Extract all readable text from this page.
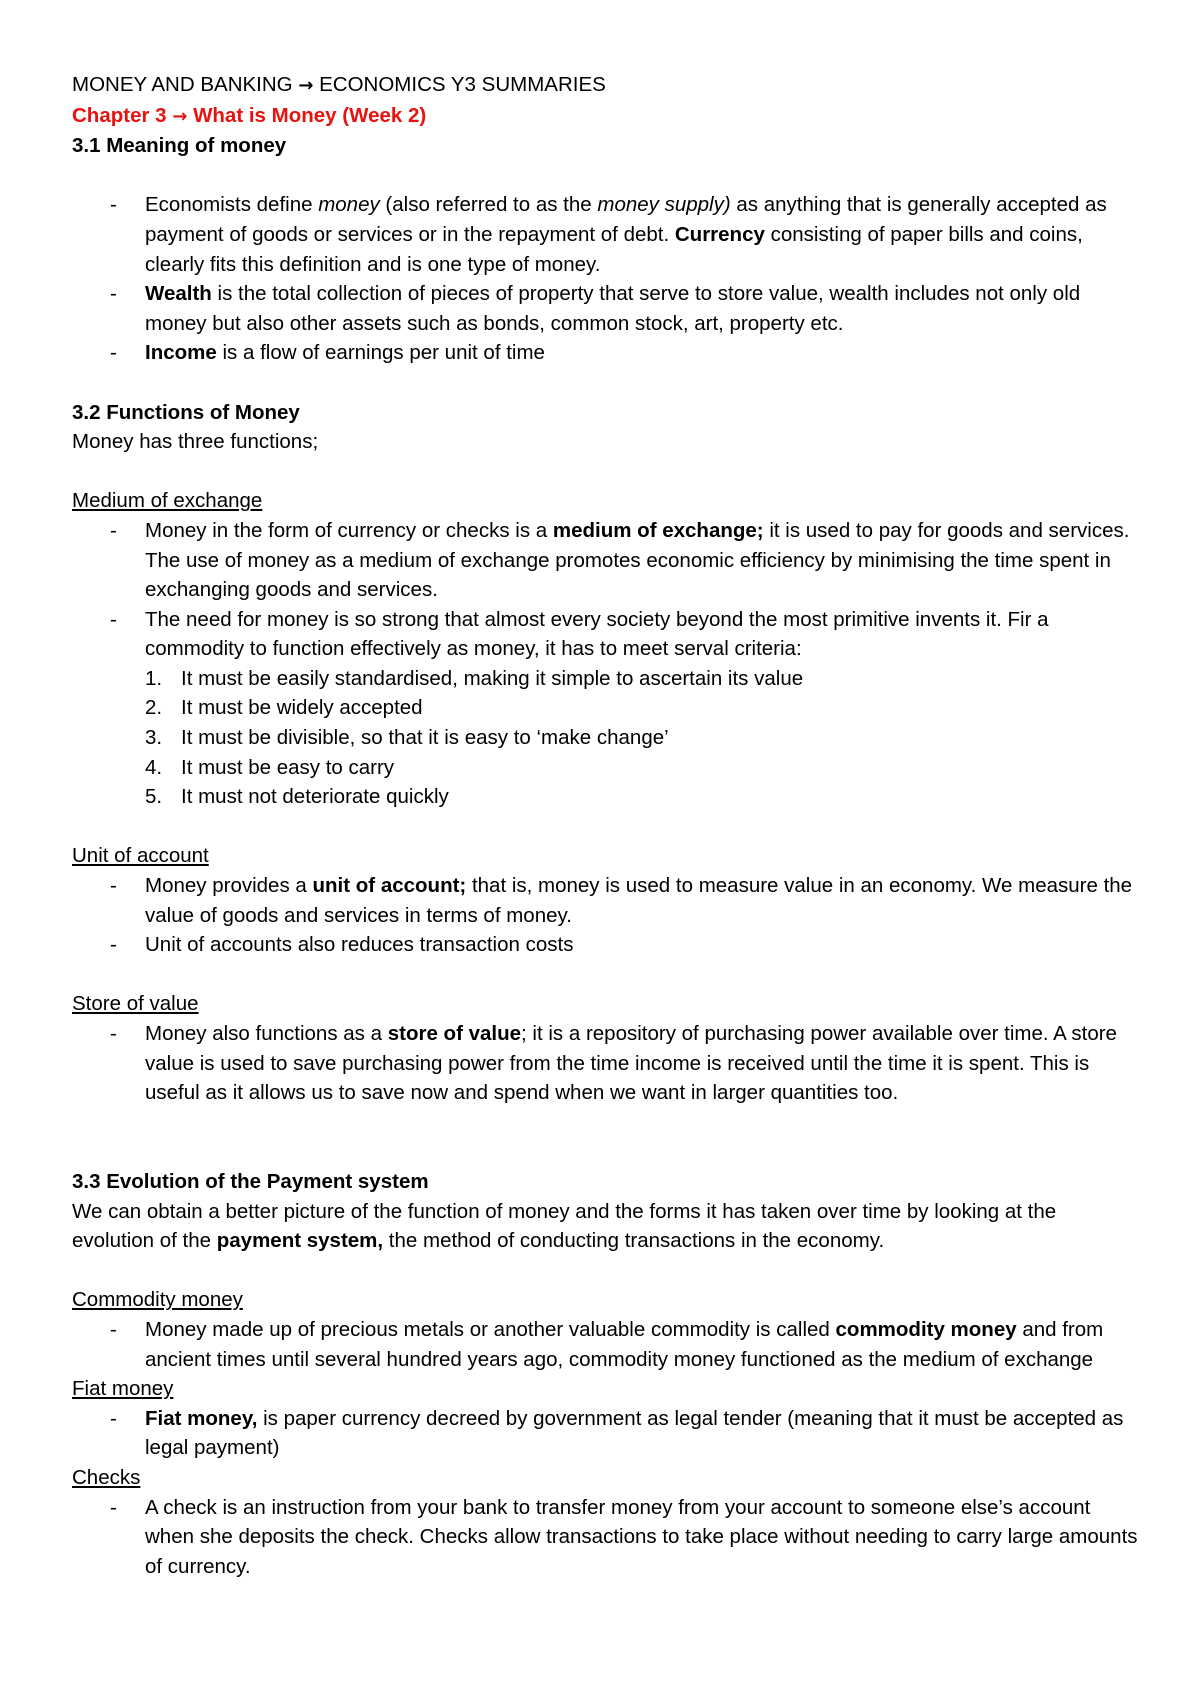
MONEY AND BANKING → ECONOMICS Y3 SUMMARIES

Chapter 3 → What is Money (Week 2)

3.1 Meaning of money

- Economists define money (also referred to as the money supply) as anything that is generally accepted as payment of goods or services or in the repayment of debt. Currency consisting of paper bills and coins, clearly fits this definition and is one type of money.
- Wealth is the total collection of pieces of property that serve to store value, wealth includes not only old money but also other assets such as bonds, common stock, art, property etc.
- Income is a flow of earnings per unit of time

3.2 Functions of Money

Money has three functions;

Medium of exchange

- Money in the form of currency or checks is a medium of exchange; it is used to pay for goods and services. The use of money as a medium of exchange promotes economic efficiency by minimising the time spent in exchanging goods and services.
- The need for money is so strong that almost every society beyond the most primitive invents it. Fir a commodity to function effectively as money, it has to meet serval criteria:
1. It must be easily standardised, making it simple to ascertain its value
2. It must be widely accepted
3. It must be divisible, so that it is easy to ‘make change’
4. It must be easy to carry
5. It must not deteriorate quickly

Unit of account

- Money provides a unit of account; that is, money is used to measure value in an economy. We measure the value of goods and services in terms of money.
- Unit of accounts also reduces transaction costs

Store of value

- Money also functions as a store of value; it is a repository of purchasing power available over time. A store value is used to save purchasing power from the time income is received until the time it is spent. This is useful as it allows us to save now and spend when we want in larger quantities too.

3.3 Evolution of the Payment system

We can obtain a better picture of the function of money and the forms it has taken over time by looking at the evolution of the payment system, the method of conducting transactions in the economy.

Commodity money

- Money made up of precious metals or another valuable commodity is called commodity money and from ancient times until several hundred years ago, commodity money functioned as the medium of exchange

Fiat money

- Fiat money, is paper currency decreed by government as legal tender (meaning that it must be accepted as legal payment)

Checks

- A check is an instruction from your bank to transfer money from your account to someone else’s account when she deposits the check. Checks allow transactions to take place without needing to carry large amounts of currency.
